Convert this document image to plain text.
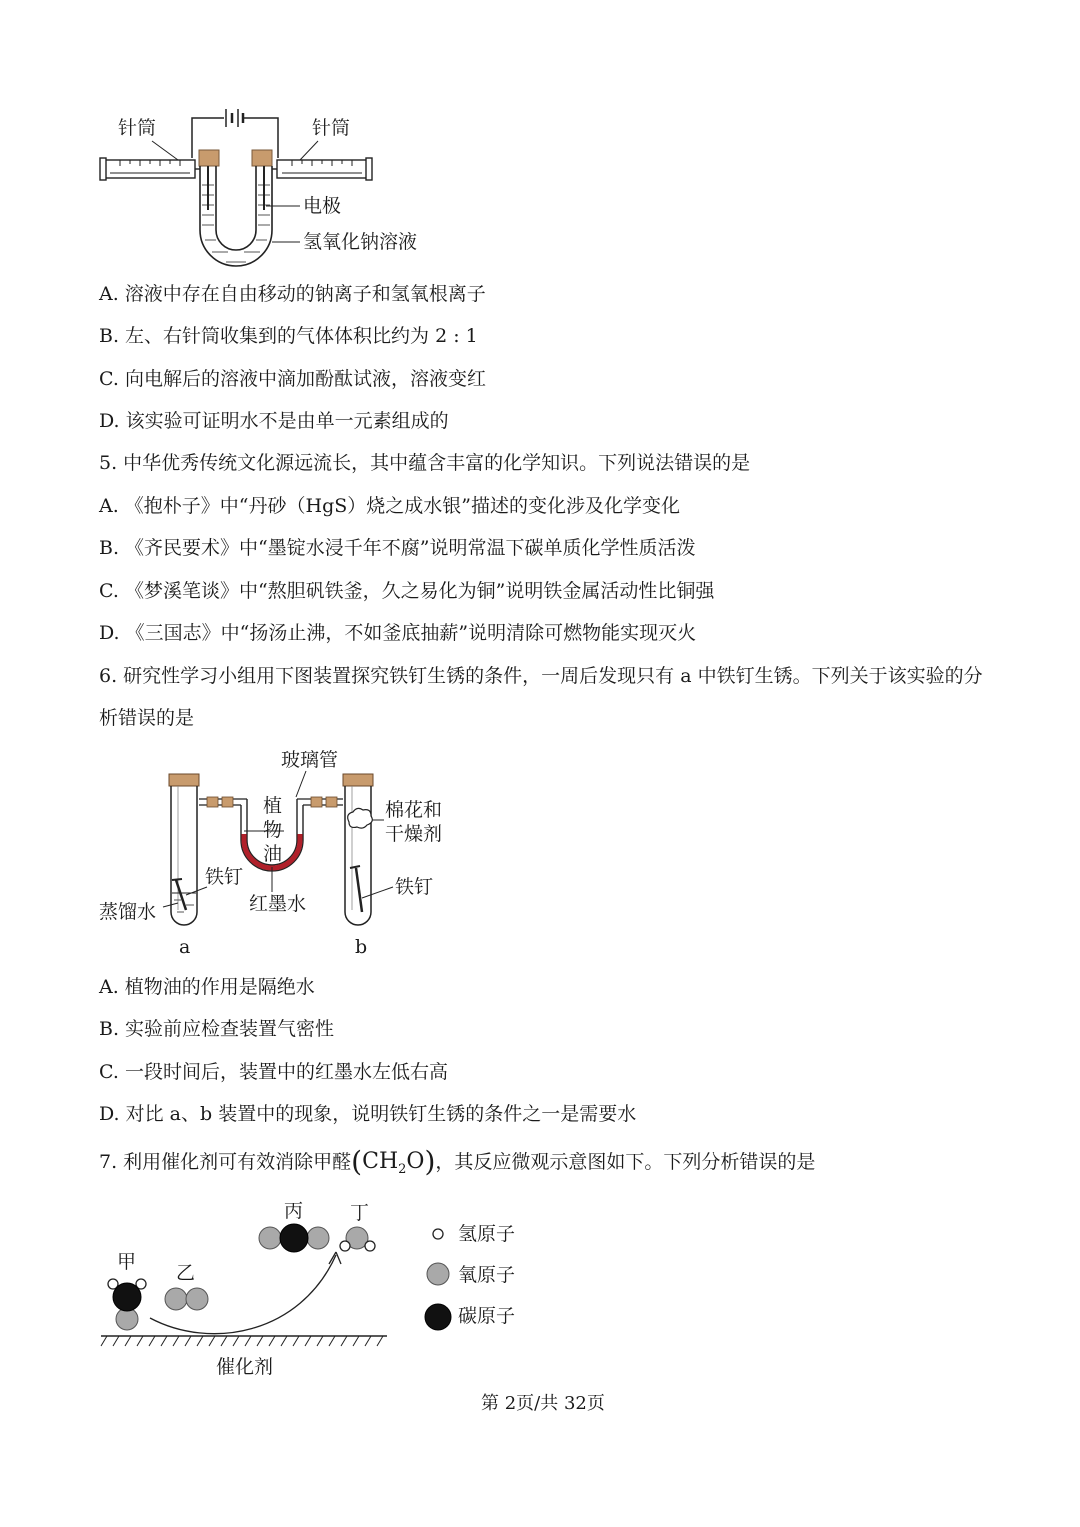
针筒	针筒
电极
氢氧化钠溶液
A. 溶液中存在自由移动的钠离子和氢氧根离子
B. 左、右针筒收集到的气体体积比约为 2 : 1
C. 向电解后的溶液中滴加酚酞试液，溶液变红
D. 该实验可证明水不是由单一元素组成的
5. 中华优秀传统文化源远流长，其中蕴含丰富的化学知识。下列说法错误的是
A. 《抱朴子》中“丹砂（HgS）烧之成水银”描述的变化涉及化学变化
B. 《齐民要术》中“墨锭水浸千年不腐”说明常温下碳单质化学性质活泼
C. 《梦溪笔谈》中“熬胆矾铁釜，久之易化为铜”说明铁金属活动性比铜强
D. 《三国志》中“扬汤止沸，不如釜底抽薪”说明清除可燃物能实现灭火
6. 研究性学习小组用下图装置探究铁钉生锈的条件，一周后发现只有 a 中铁钉生锈。下列关于该实验的分
析错误的是
玻璃管
植
物
油
棉花和
干燥剂
铁钉	铁钉
蒸馏水	红墨水
a	b
A. 植物油的作用是隔绝水
B. 实验前应检查装置气密性
C. 一段时间后，装置中的红墨水左低右高
D. 对比 a、b 装置中的现象，说明铁钉生锈的条件之一是需要水
7. 利用催化剂可有效消除甲醛$(CH_2O)$，其反应微观示意图如下。下列分析错误的是
甲 乙
丙 丁
氢原子
氧原子
碳原子
催化剂
第 2页/共 32页
